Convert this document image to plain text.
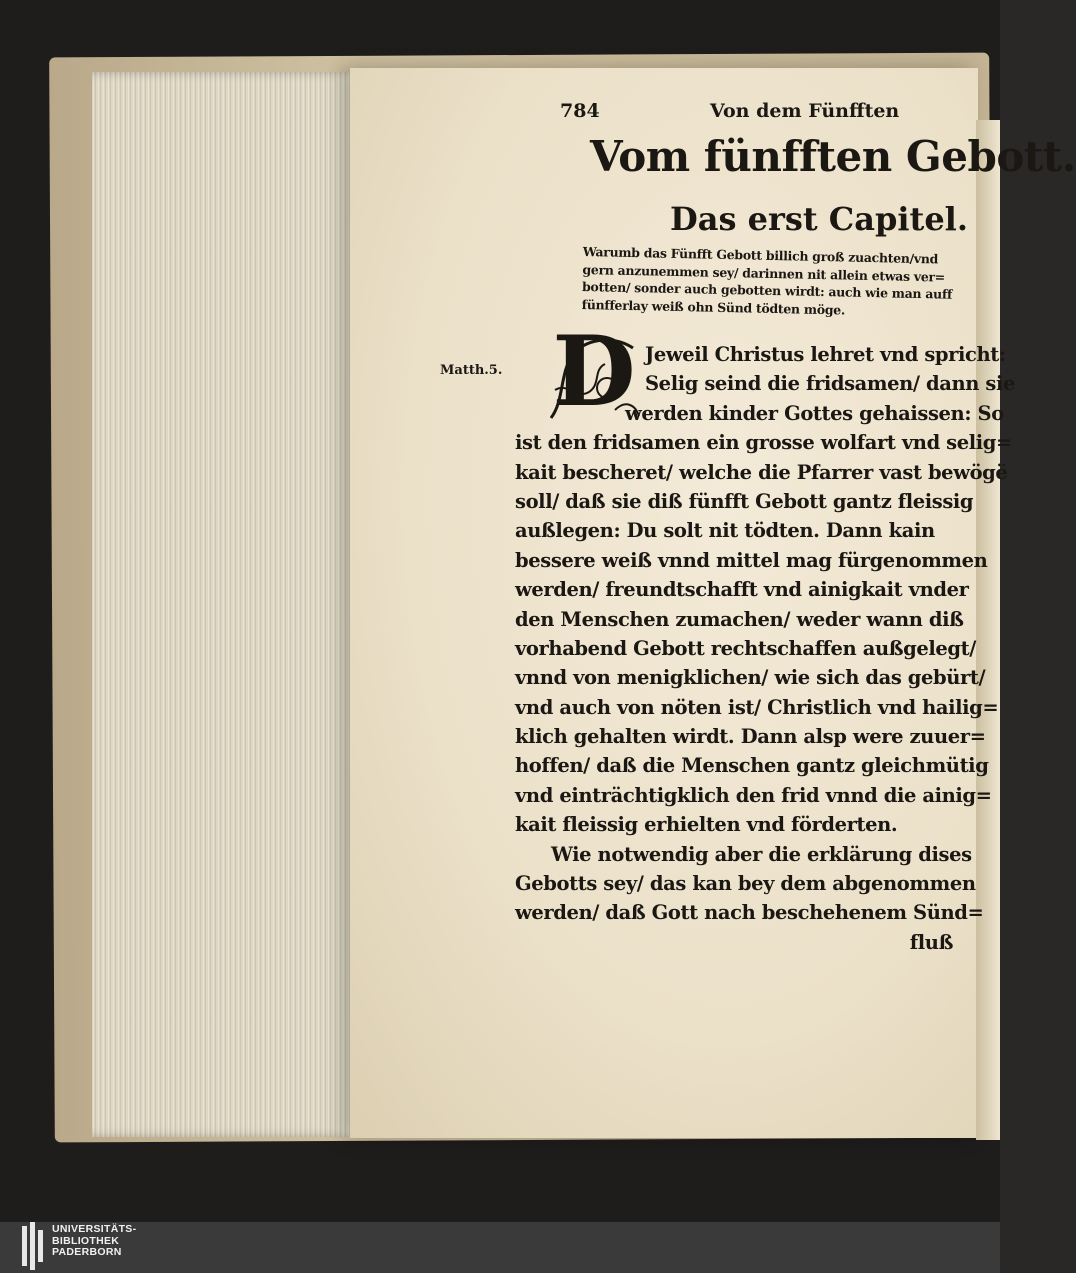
784	Von dem Fünfften
Vom fünfften Gebott.
Das erst Capitel.
Warumb das Fünfft Gebott billich groß zuachten/vnd
gern anzunemmen sey/ darinnen nit allein etwas ver=
botten/ sonder auch gebotten wirdt: auch wie man auff
fünfferlay weiß ohn Sünd tödten möge.
Matth.5. D Jeweil Christus lehret vnd spricht:
Selig seind die fridsamen/ dann sie
werden kinder Gottes gehaissen: So
ist den fridsamen ein grosse wolfart vnd selig=
kait bescheret/ welche die Pfarrer vast bewögë
soll/ daß sie diß fünfft Gebott gantz fleissig
außlegen: Du solt nit tödten. Dann kain
bessere weiß vnnd mittel mag fürgenommen
werden/ freundtschafft vnd ainigkait vnder
den Menschen zumachen/ weder wann diß
vorhabend Gebott rechtschaffen außgelegt/
vnnd von menigklichen/ wie sich das gebürt/
vnd auch von nöten ist/ Christlich vnd hailig=
klich gehalten wirdt. Dann alsp were zuuer=
hoffen/ daß die Menschen gantz gleichmütig
vnd einträchtigklich den frid vnnd die ainig=
kait fleissig erhielten vnd förderten.
Wie notwendig aber die erklärung dises
Gebotts sey/ das kan bey dem abgenommen
werden/ daß Gott nach beschehenem Sünd=
fluß
UNIVERSITÄTS-
BIBLIOTHEK
PADERBORN
